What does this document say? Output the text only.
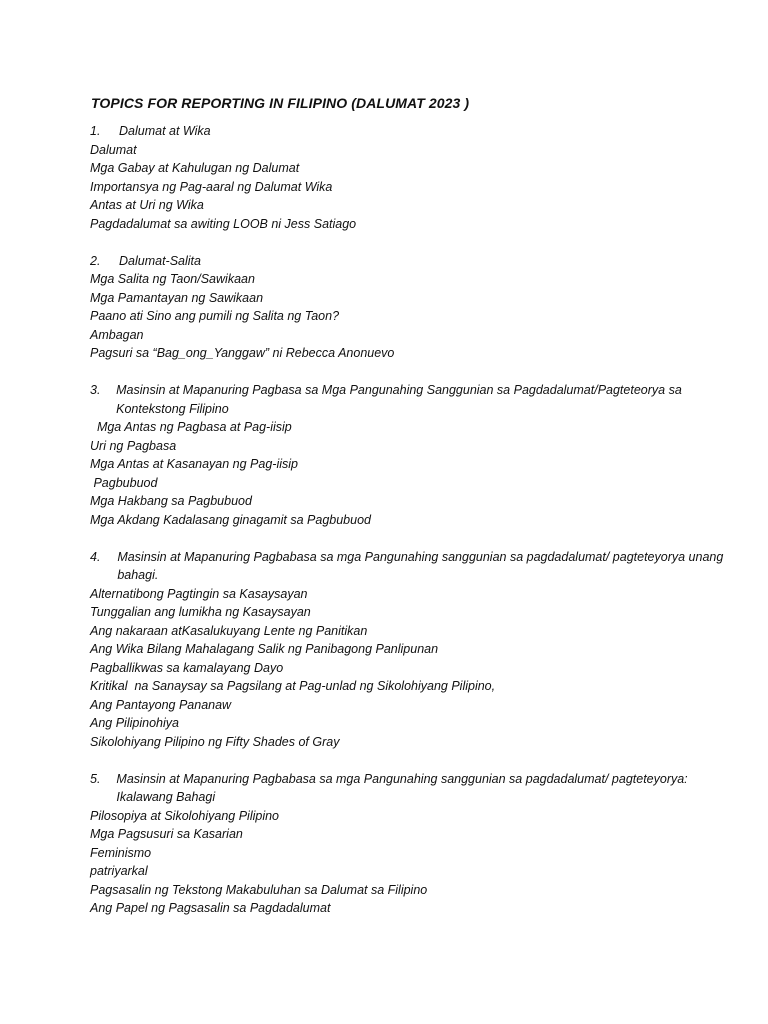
TOPICS FOR REPORTING IN FILIPINO (DALUMAT 2023 )
1.	Dalumat at Wika
Dalumat
Mga Gabay at Kahulugan ng Dalumat
Importansya ng Pag-aaral ng Dalumat Wika
Antas at Uri ng Wika
Pagdadalumat sa awiting LOOB ni Jess Satiago
2.	Dalumat-Salita
Mga Salita ng Taon/Sawikaan
Mga Pamantayan ng Sawikaan
Paano ati Sino ang pumili ng Salita ng Taon?
Ambagan
Pagsuri sa “Bag_ong_Yanggaw” ni Rebecca Anonuevo
3.	Masinsin at Mapanuring Pagbasa sa Mga Pangunahing Sanggunian sa Pagdadalumat/Pagteteorya sa Kontekstong Filipino
Mga Antas ng Pagbasa at Pag-iisip
Uri ng Pagbasa
Mga Antas at Kasanayan ng Pag-iisip
Pagbubuod
Mga Hakbang sa Pagbubuod
Mga Akdang Kadalasang ginagamit sa Pagbubuod
4.	Masinsin at Mapanuring Pagbabasa sa mga Pangunahing sanggunian sa pagdadalumat/ pagteteyorya unang bahagi.
Alternatibong Pagtingin sa Kasaysayan
Tunggalian ang lumikha ng Kasaysayan
Ang nakaraan atKasalukuyang Lente ng Panitikan
Ang Wika Bilang Mahalagang Salik ng Panibagong Panlipunan
Pagballikwas sa kamalayang Dayo
Kritikal  na Sanaysay sa Pagsilang at Pag-unlad ng Sikolohiyang Pilipino,
Ang Pantayong Pananaw
Ang Pilipinohiya
Sikolohiyang Pilipino ng Fifty Shades of Gray
5.	Masinsin at Mapanuring Pagbabasa sa mga Pangunahing sanggunian sa pagdadalumat/ pagteteyorya: Ikalawang Bahagi
Pilosopiya at Sikolohiyang Pilipino
Mga Pagsusuri sa Kasarian
Feminismo
patriyarkal
Pagsasalin ng Tekstong Makabuluhan sa Dalumat sa Filipino
Ang Papel ng Pagsasalin sa Pagdadalumat
